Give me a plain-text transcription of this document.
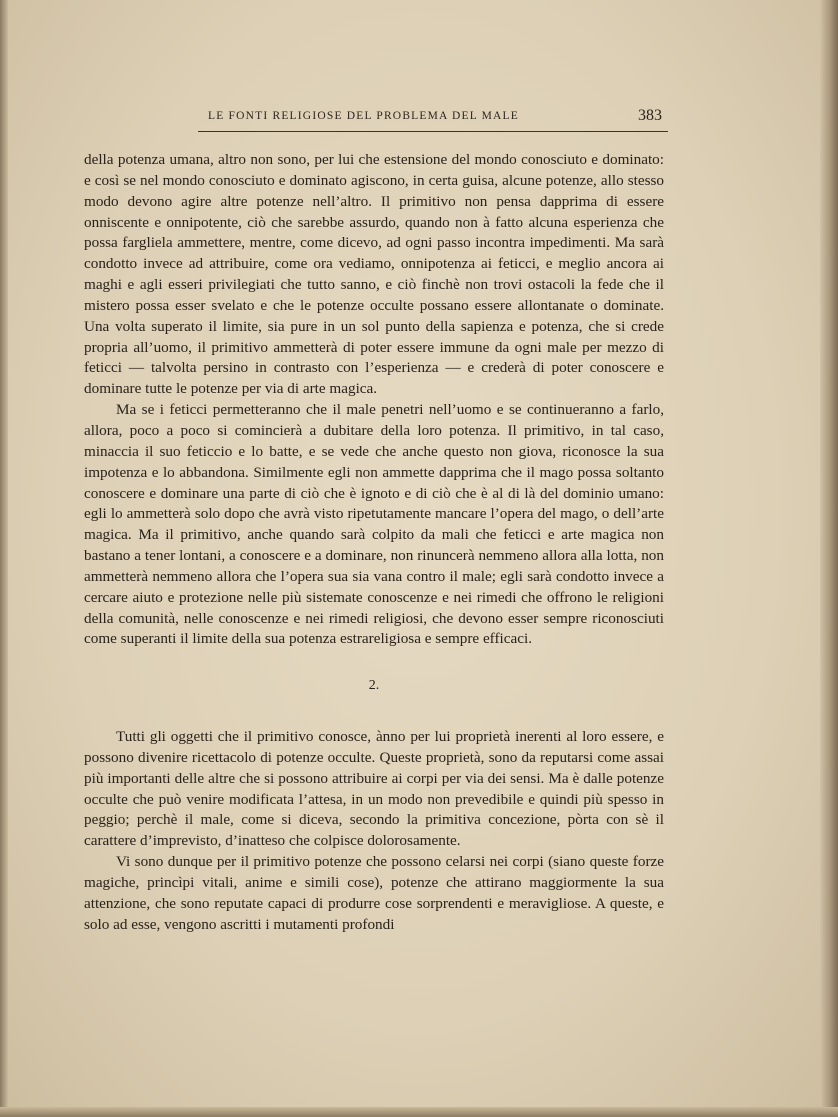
LE FONTI RELIGIOSE DEL PROBLEMA DEL MALE	383

della potenza umana, altro non sono, per lui che estensione del mondo conosciuto e dominato: e così se nel mondo conosciuto e dominato agiscono, in certa guisa, alcune potenze, allo stesso modo devono agire altre potenze nell’altro. Il primitivo non pensa dapprima di essere onniscente e onnipotente, ciò che sarebbe assurdo, quando non à fatto alcuna esperienza che possa fargliela ammettere, mentre, come dicevo, ad ogni passo incontra impedimenti. Ma sarà condotto invece ad attribuire, come ora vediamo, onnipotenza ai feticci, e meglio ancora ai maghi e agli esseri privilegiati che tutto sanno, e ciò finchè non trovi ostacoli la fede che il mistero possa esser svelato e che le potenze occulte possano essere allontanate o dominate. Una volta superato il limite, sia pure in un sol punto della sapienza e potenza, che si crede propria all’uomo, il primitivo ammetterà di poter essere immune da ogni male per mezzo di feticci — talvolta persino in contrasto con l’esperienza — e crederà di poter conoscere e dominare tutte le potenze per via di arte magica.

Ma se i feticci permetteranno che il male penetri nell’uomo e se continueranno a farlo, allora, poco a poco si comincierà a dubitare della loro potenza. Il primitivo, in tal caso, minaccia il suo feticcio e lo batte, e se vede che anche questo non giova, riconosce la sua impotenza e lo abbandona. Similmente egli non ammette dapprima che il mago possa soltanto conoscere e dominare una parte di ciò che è ignoto e di ciò che è al di là del dominio umano: egli lo ammetterà solo dopo che avrà visto ripetutamente mancare l’opera del mago, o dell’arte magica. Ma il primitivo, anche quando sarà colpito da mali che feticci e arte magica non bastano a tener lontani, a conoscere e a dominare, non rinuncerà nemmeno allora alla lotta, non ammetterà nemmeno allora che l’opera sua sia vana contro il male; egli sarà condotto invece a cercare aiuto e protezione nelle più sistemate conoscenze e nei rimedi che offrono le religioni della comunità, nelle conoscenze e nei rimedi religiosi, che devono esser sempre riconosciuti come superanti il limite della sua potenza estrareligiosa e sempre efficaci.

2.

Tutti gli oggetti che il primitivo conosce, ànno per lui proprietà inerenti al loro essere, e possono divenire ricettacolo di potenze occulte. Queste proprietà, sono da reputarsi come assai più importanti delle altre che si possono attribuire ai corpi per via dei sensi. Ma è dalle potenze occulte che può venire modificata l’attesa, in un modo non prevedibile e quindi più spesso in peggio; perchè il male, come si diceva, secondo la primitiva concezione, pòrta con sè il carattere d’imprevisto, d’inatteso che colpisce dolorosamente.

Vi sono dunque per il primitivo potenze che possono celarsi nei corpi (siano queste forze magiche, princìpi vitali, anime e simili cose), potenze che attirano maggiormente la sua attenzione, che sono reputate capaci di produrre cose sorprendenti e meravigliose. A queste, e solo ad esse, vengono ascritti i mutamenti profondi
